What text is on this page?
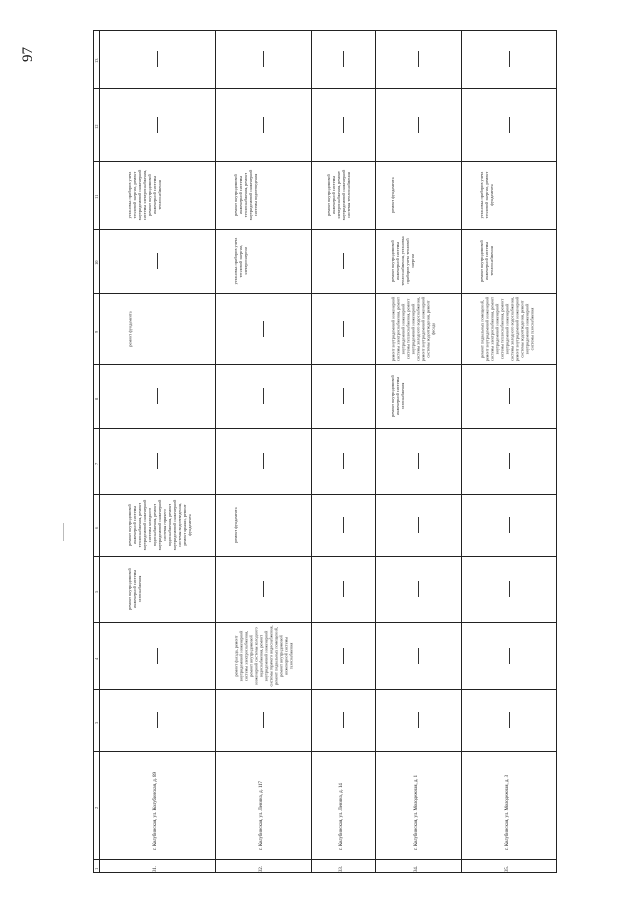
97
1
2
3
4
5
6
7
8
9
10
11
12
13
31.
г. Колубинская, ул. Колубинская, д. 89
ремонт внутридомовой инженерной системы газоснабжения
ремонт внутридомовой инженерной системы теплоснабжения, ремонт внутридомовой инженерной системы холодного водоснабжения, ремонт внутридомовой инженерной системы горячего водоснабжения, ремонт внутридомовой инженерной системы водоотведения, ремонт крыши, ремонт фундамента
ремонт фундамента
установка приборов учета тепловой энергии, ремонт внутридомовой инженерной системы электроснабжения, ремонт внутридомовой инженерной системы теплоснабжения
32.
г. Колубинская, ул. Ленина, д. 117
ремонт фасада, ремонт внутридомовой инженерной системы электроснабжения, ремонт внутридомовой инженерной системы холодного водоснабжения, ремонт внутридомовой инженерной системы горячего водоснабжения, ремонт подвальных помещений, ремонт внутридомовой инженерной системы газоснабжения
ремонт фундамента
установка приборов учета тепловой энергии, электроэнергии
ремонт внутридомовой инженерной системы теплоснабжения, ремонт внутридомовой инженерной системы водоотведения
33.
г. Колубинская, ул. Ленина, д. 14
ремонт внутридомовой инженерной системы электроснабжения, ремонт внутридомовой инженерной системы теплоснабжения
34.
г. Колубинская, ул. Молодежная, д. 1
ремонт внутридомовой инженерной системы газоснабжения
ремонт внутридомовой инженерной системы электроснабжения, ремонт внутридомовой инженерной системы теплоснабжения, ремонт внутридомовой инженерной системы холодного водоснабжения, ремонт внутридомовой инженерной системы водоотведения, ремонт фасада
ремонт внутридомовой инженерной системы теплоснабжения, установка приборов учета тепловой энергии
ремонт фундамента
35.
г. Колубинская, ул. Молодежная, д. 3
ремонт подвальных помещений, ремонт внутридомовой инженерной системы электроснабжения, ремонт внутридомовой инженерной системы теплоснабжения, ремонт внутридомовой инженерной системы холодного водоснабжения, ремонт внутридомовой инженерной системы водоотведения, ремонт внутридомовой инженерной системы газоснабжения
ремонт внутридомовой инженерной системы теплоснабжения
установка приборов учета тепловой энергии, ремонт фундамента
